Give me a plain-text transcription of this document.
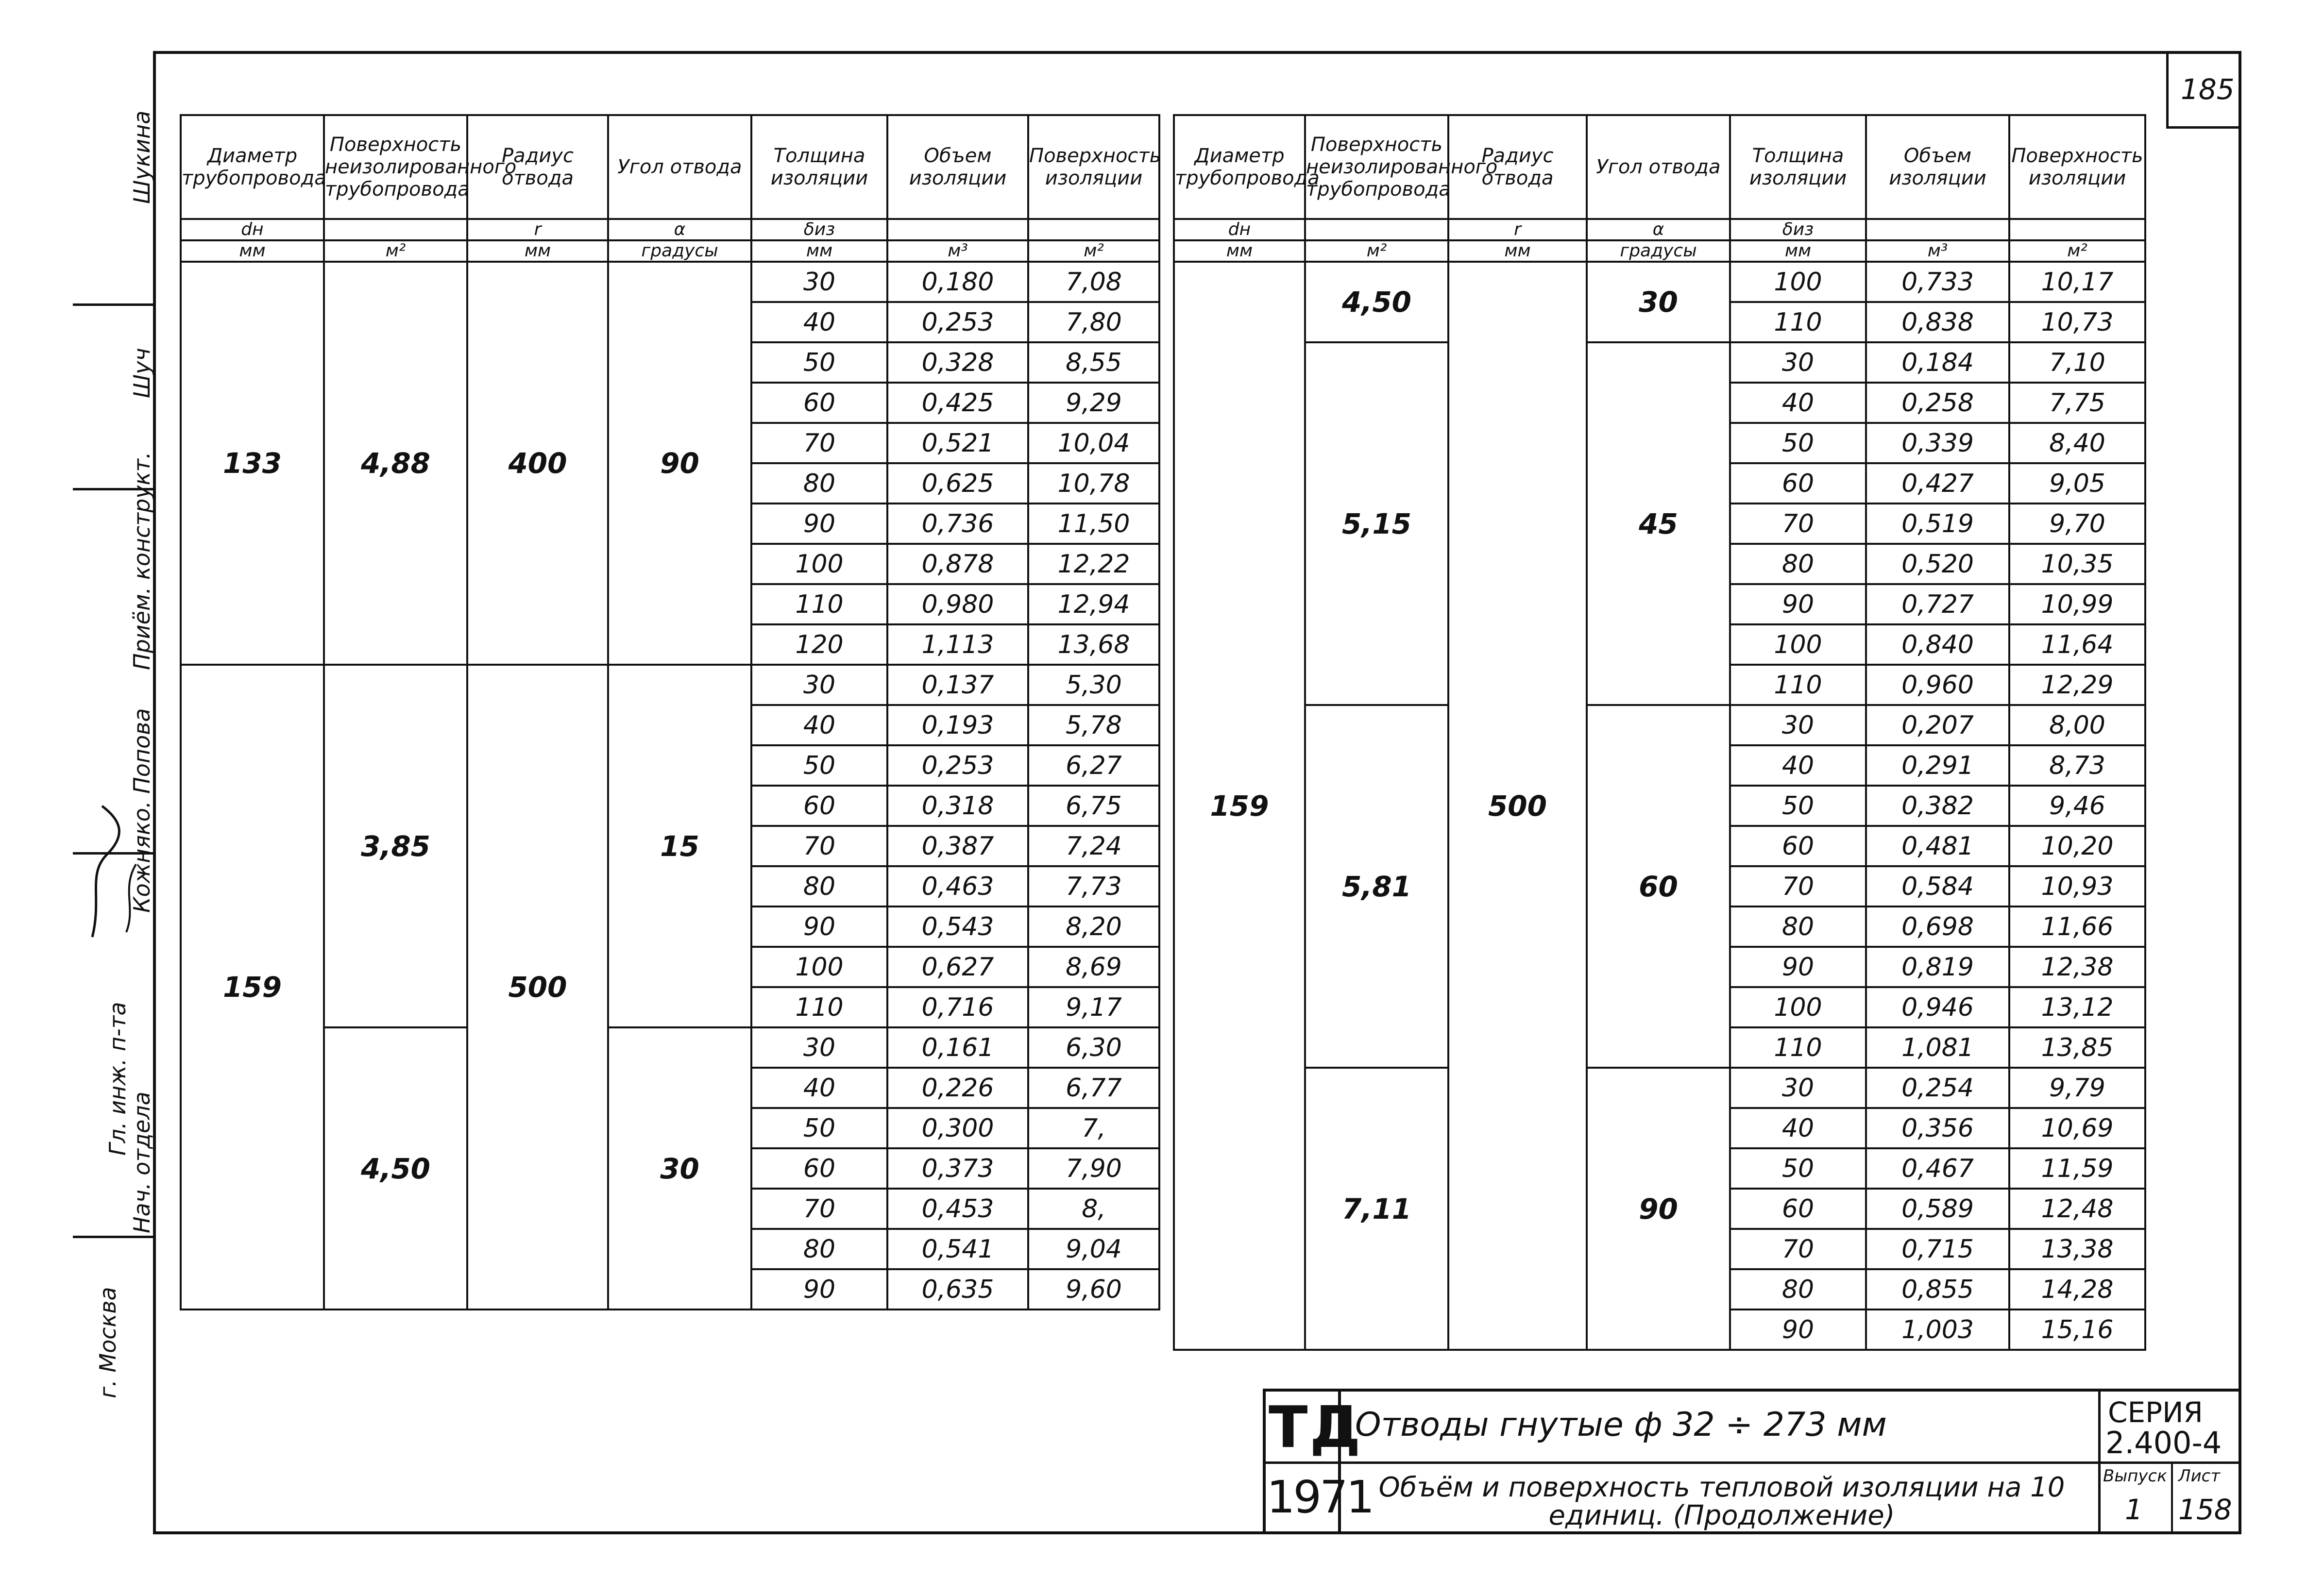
Шукина
Шуч
Приём. конструкт.
Кожняко. Попова
Гл. инж. п-та
Нач. отдела
г. Москва
185
Диаметр трубопровода	Поверхность неизолированного трубопровода	Радиус отвода	Угол отвода	Толщина изоляции	Объем изоляции	Поверхность изоляции
dн		r	α	δиз		
мм	м²	мм	градусы	мм	м³	м²
133	4,88	400	90	30	0,180	7,08
				40	0,253	7,80
				50	0,328	8,55
				60	0,425	9,29
				70	0,521	10,04
				80	0,625	10,78
				90	0,736	11,50
				100	0,878	12,22
				110	0,980	12,94
				120	1,113	13,68
159	3,85	500	15	30	0,137	5,30
				40	0,193	5,78
				50	0,253	6,27
				60	0,318	6,75
				70	0,387	7,24
				80	0,463	7,73
				90	0,543	8,20
				100	0,627	8,69
				110	0,716	9,17
	4,50		30	30	0,161	6,30
				40	0,226	6,77
				50	0,300	7,
				60	0,373	7,90
				70	0,453	8,
				80	0,541	9,04
				90	0,635	9,60
Диаметр трубопровода	Поверхность неизолированного трубопровода	Радиус отвода	Угол отвода	Толщина изоляции	Объем изоляции	Поверхность изоляции
dн		r	α	δиз		
мм	м²	мм	градусы	мм	м³	м²
159	4,50	500	30	100	0,733	10,17
				110	0,838	10,73
	5,15		45	30	0,184	7,10
				40	0,258	7,75
				50	0,339	8,40
				60	0,427	9,05
				70	0,519	9,70
				80	0,520	10,35
				90	0,727	10,99
				100	0,840	11,64
				110	0,960	12,29
	5,81		60	30	0,207	8,00
				40	0,291	8,73
				50	0,382	9,46
				60	0,481	10,20
				70	0,584	10,93
				80	0,698	11,66
				90	0,819	12,38
				100	0,946	13,12
				110	1,081	13,85
	7,11		90	30	0,254	9,79
				40	0,356	10,69
				50	0,467	11,59
				60	0,589	12,48
				70	0,715	13,38
				80	0,855	14,28
				90	1,003	15,16
ТД
1971
Отводы гнутые ф 32 ÷ 273 мм
Объём и поверхность тепловой изоляции на 10 единиц. (Продолжение)
СЕРИЯ
2.400-4
Выпуск
1
Лист
158
